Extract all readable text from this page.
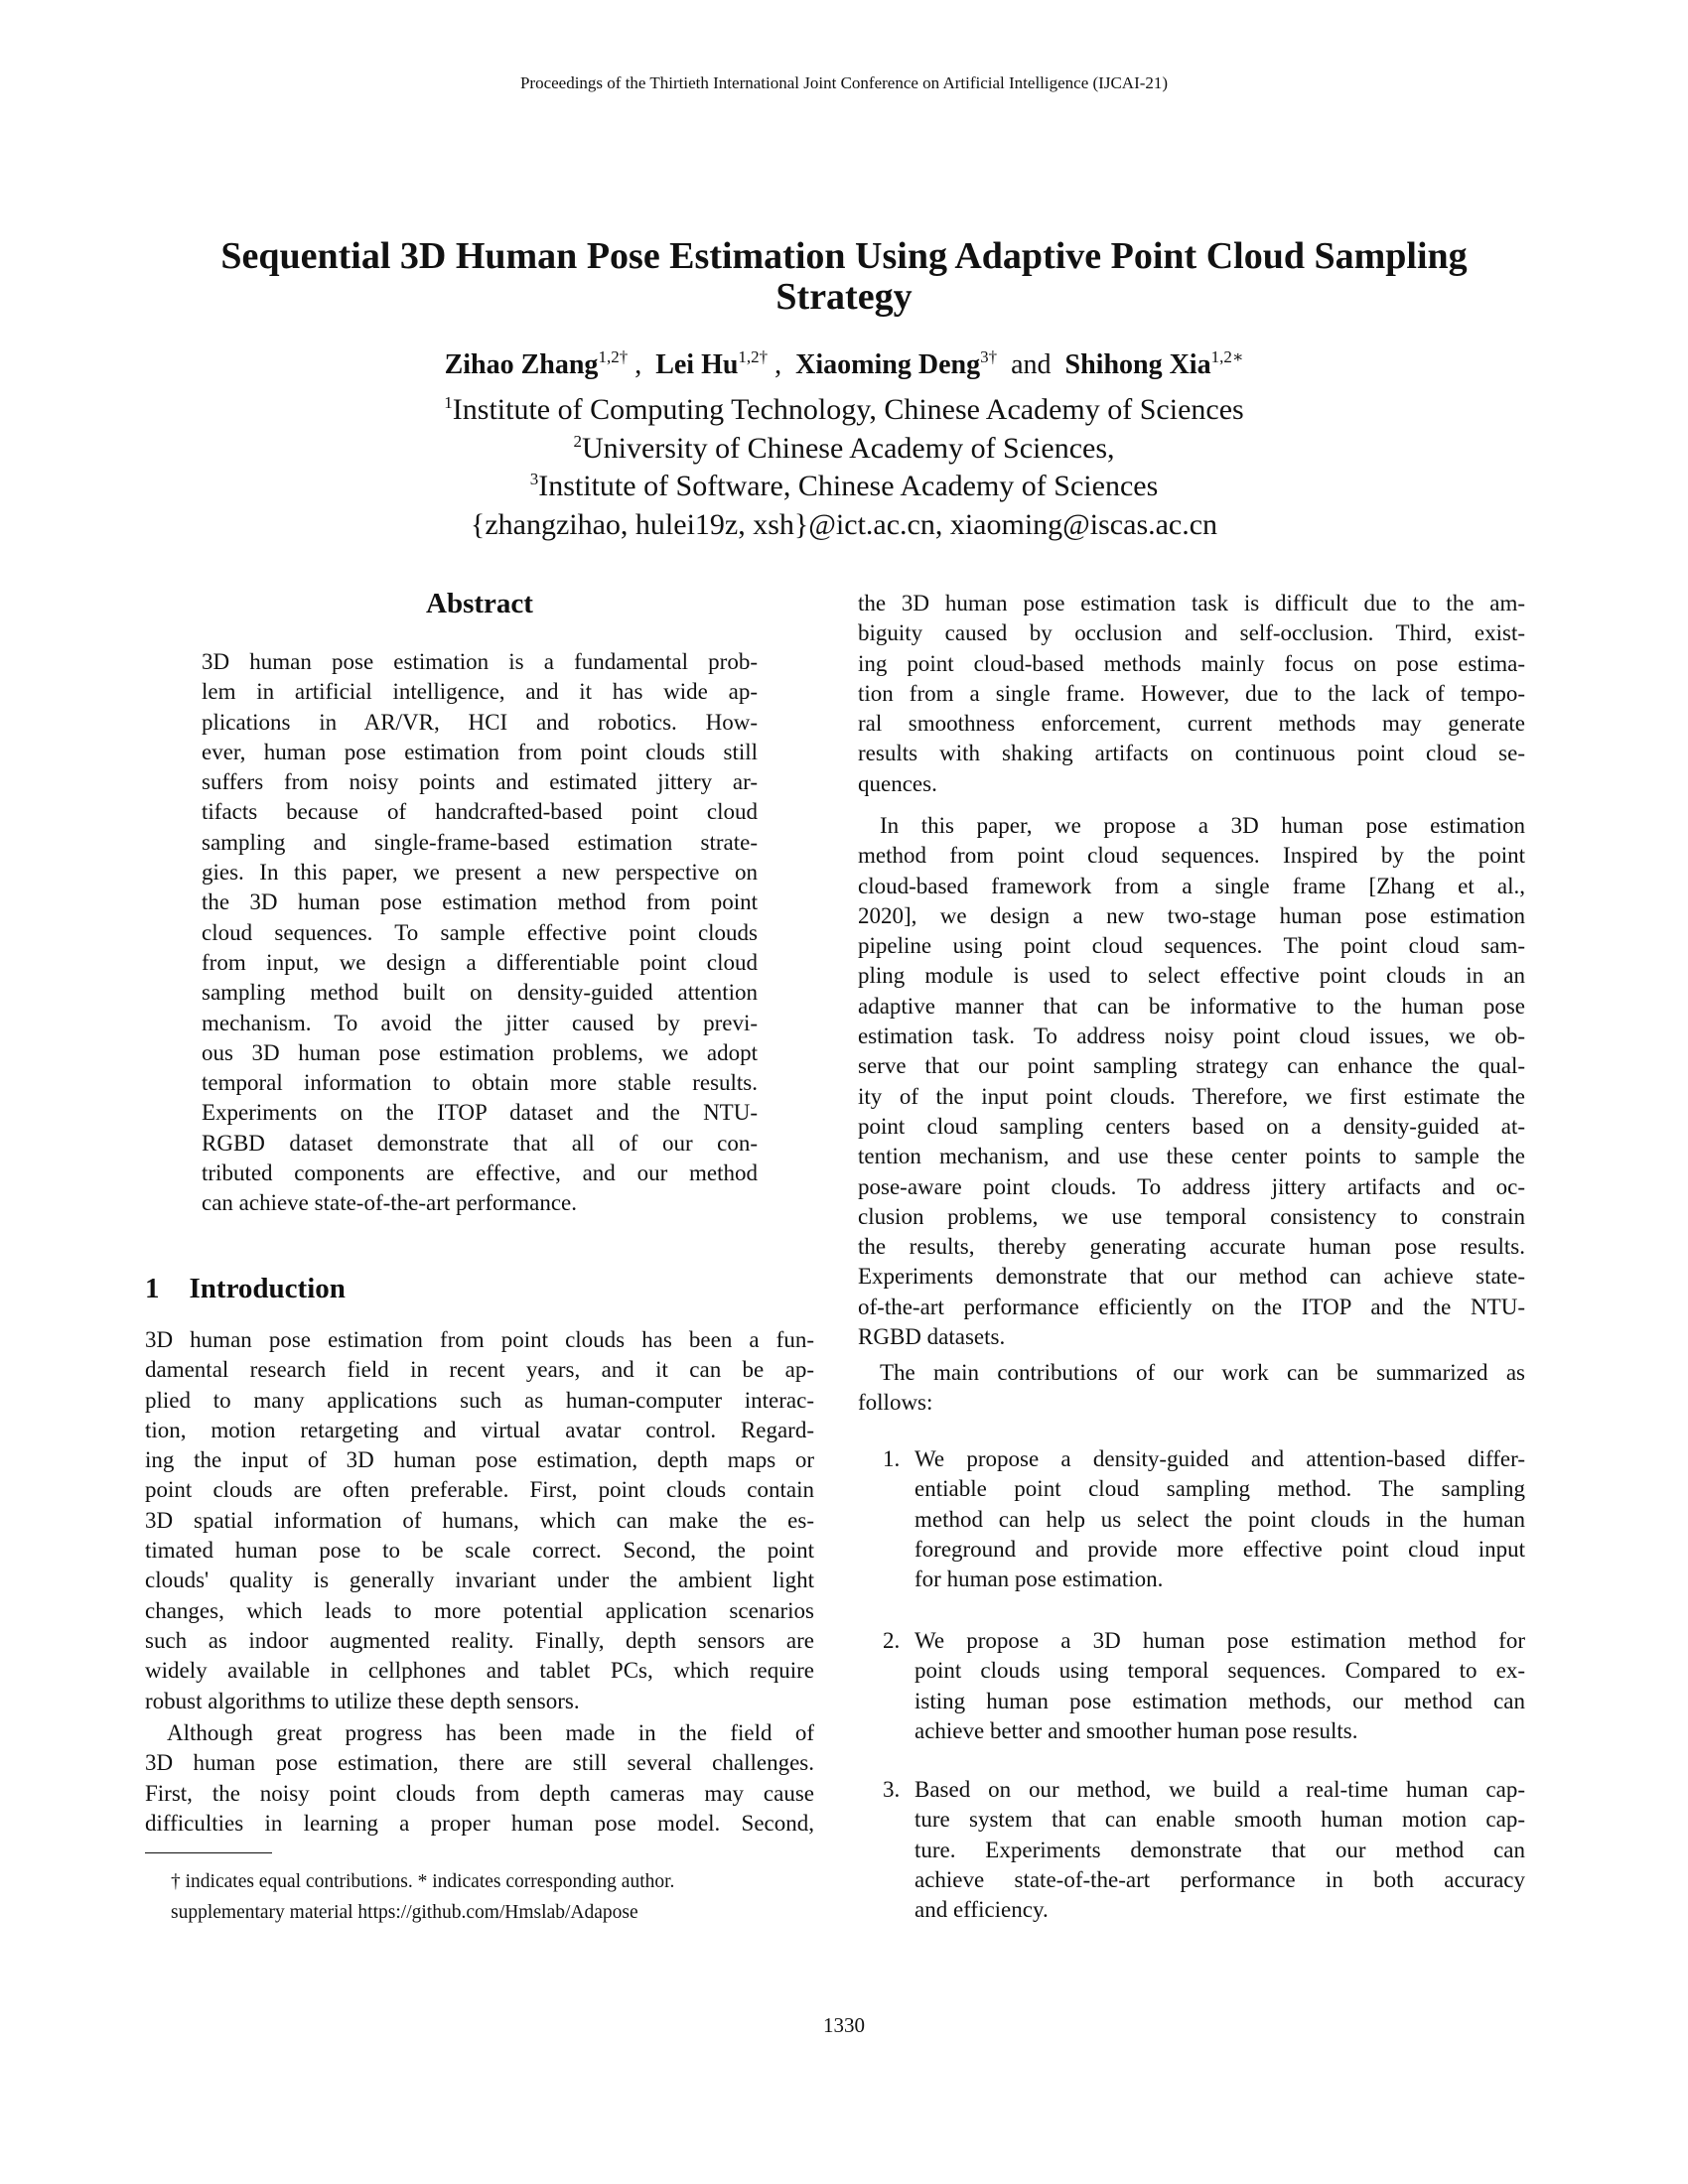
Proceedings of the Thirtieth International Joint Conference on Artificial Intelligence (IJCAI-21)
Sequential 3D Human Pose Estimation Using Adaptive Point Cloud Sampling
Strategy
Zihao Zhang$^{1,2\dagger}$ ,  Lei $Hu^{1,2\dagger}$ ,  Xiaoming Deng$^{3\dagger}$  and  Shihong Xia$^{1,2∗}$
$^1$Institute of Computing Technology, Chinese Academy of Sciences
$^2$University of Chinese Academy of Sciences,
$^3$Institute of Software, Chinese Academy of Sciences
{zhangzihao, hulei19z, xsh}@ict.ac.cn, xiaoming@iscas.ac.cn
Abstract
3D human pose estimation is a fundamental prob-
lem in artificial intelligence, and it has wide ap-
plications in AR/VR, HCI and robotics. How-
ever, human pose estimation from point clouds still
suffers from noisy points and estimated jittery ar-
tifacts because of handcrafted-based point cloud
sampling and single-frame-based estimation strate-
gies. In this paper, we present a new perspective on
the 3D human pose estimation method from point
cloud sequences. To sample effective point clouds
from input, we design a differentiable point cloud
sampling method built on density-guided attention
mechanism. To avoid the jitter caused by previ-
ous 3D human pose estimation problems, we adopt
temporal information to obtain more stable results.
Experiments on the ITOP dataset and the NTU-
RGBD dataset demonstrate that all of our con-
tributed components are effective, and our method
can achieve state-of-the-art performance.
1 Introduction
3D human pose estimation from point clouds has been a fun-
damental research field in recent years, and it can be ap-
plied to many applications such as human-computer interac-
tion, motion retargeting and virtual avatar control. Regard-
ing the input of 3D human pose estimation, depth maps or
point clouds are often preferable. First, point clouds contain
3D spatial information of humans, which can make the es-
timated human pose to be scale correct. Second, the point
clouds' quality is generally invariant under the ambient light
changes, which leads to more potential application scenarios
such as indoor augmented reality. Finally, depth sensors are
widely available in cellphones and tablet PCs, which require
robust algorithms to utilize these depth sensors.
Although great progress has been made in the field of
3D human pose estimation, there are still several challenges.
First, the noisy point clouds from depth cameras may cause
difficulties in learning a proper human pose model. Second,
the 3D human pose estimation task is difficult due to the am-
biguity caused by occlusion and self-occlusion. Third, exist-
ing point cloud-based methods mainly focus on pose estima-
tion from a single frame. However, due to the lack of tempo-
ral smoothness enforcement, current methods may generate
results with shaking artifacts on continuous point cloud se-
quences.
In this paper, we propose a 3D human pose estimation
method from point cloud sequences. Inspired by the point
cloud-based framework from a single frame [Zhang et al.,
2020], we design a new two-stage human pose estimation
pipeline using point cloud sequences. The point cloud sam-
pling module is used to select effective point clouds in an
adaptive manner that can be informative to the human pose
estimation task. To address noisy point cloud issues, we ob-
serve that our point sampling strategy can enhance the qual-
ity of the input point clouds. Therefore, we first estimate the
point cloud sampling centers based on a density-guided at-
tention mechanism, and use these center points to sample the
pose-aware point clouds. To address jittery artifacts and oc-
clusion problems, we use temporal consistency to constrain
the results, thereby generating accurate human pose results.
Experiments demonstrate that our method can achieve state-
of-the-art performance efficiently on the ITOP and the NTU-
RGBD datasets.
The main contributions of our work can be summarized as
follows:
1. We propose a density-guided and attention-based differ-
entiable point cloud sampling method. The sampling
method can help us select the point clouds in the human
foreground and provide more effective point cloud input
for human pose estimation.
2. We propose a 3D human pose estimation method for
point clouds using temporal sequences. Compared to ex-
isting human pose estimation methods, our method can
achieve better and smoother human pose results.
3. Based on our method, we build a real-time human cap-
ture system that can enable smooth human motion cap-
ture. Experiments demonstrate that our method can
achieve state-of-the-art performance in both accuracy
and efficiency.
† indicates equal contributions. * indicates corresponding author.
supplementary material https://github.com/Hmslab/Adapose
1330
